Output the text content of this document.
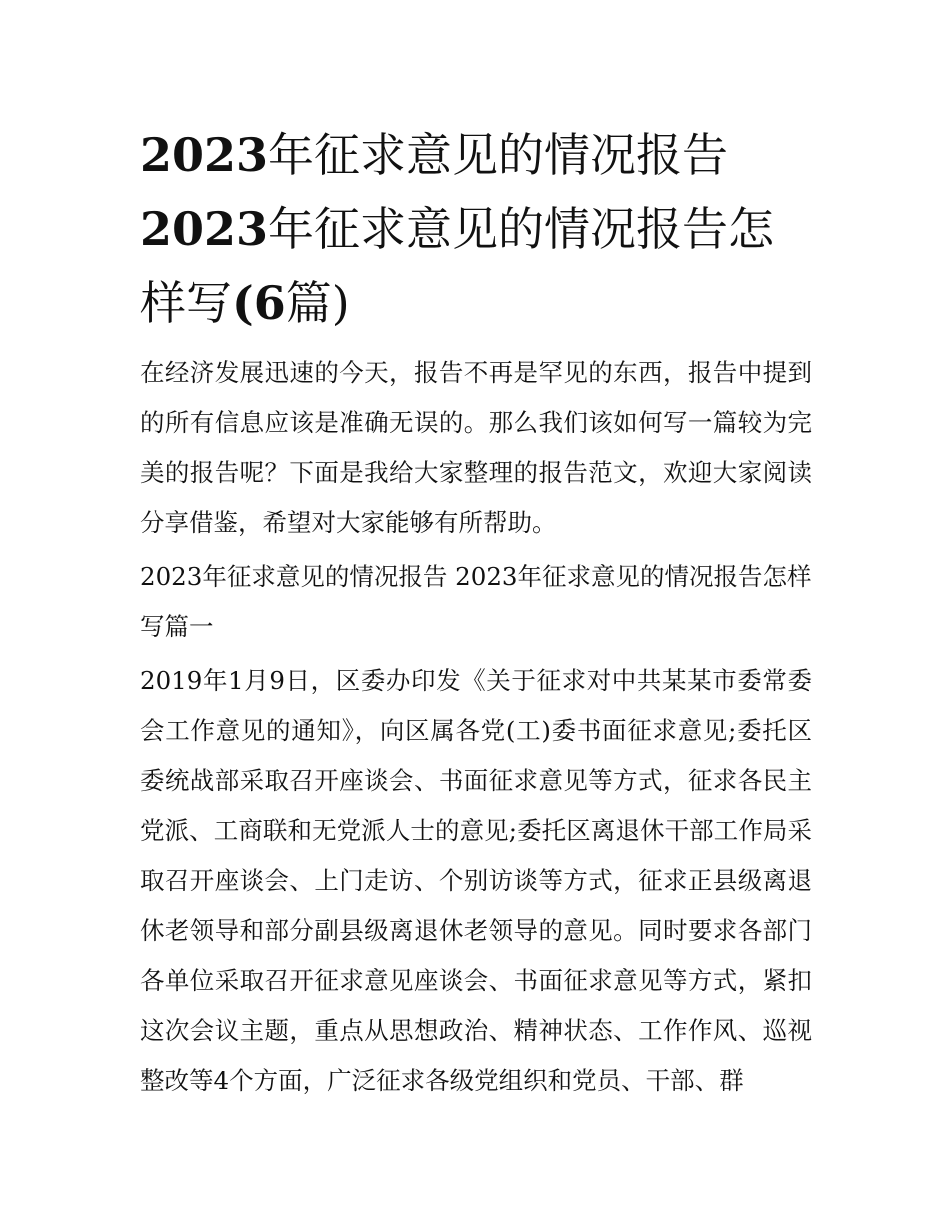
2023年征求意见的情况报告
2023年征求意见的情况报告怎样写(6篇)

在经济发展迅速的今天，报告不再是罕见的东西，报告中提到的所有信息应该是准确无误的。那么我们该如何写一篇较为完美的报告呢？下面是我给大家整理的报告范文，欢迎大家阅读分享借鉴，希望对大家能够有所帮助。

2023年征求意见的情况报告 2023年征求意见的情况报告怎样写篇一

2019年1月9日，区委办印发《关于征求对中共某某市委常委会工作意见的通知》，向区属各党(工)委书面征求意见;委托区委统战部采取召开座谈会、书面征求意见等方式，征求各民主党派、工商联和无党派人士的意见;委托区离退休干部工作局采取召开座谈会、上门走访、个别访谈等方式，征求正县级离退休老领导和部分副县级离退休老领导的意见。同时要求各部门各单位采取召开征求意见座谈会、书面征求意见等方式，紧扣这次会议主题，重点从思想政治、精神状态、工作作风、巡视整改等4个方面，广泛征求各级党组织和党员、干部、群
